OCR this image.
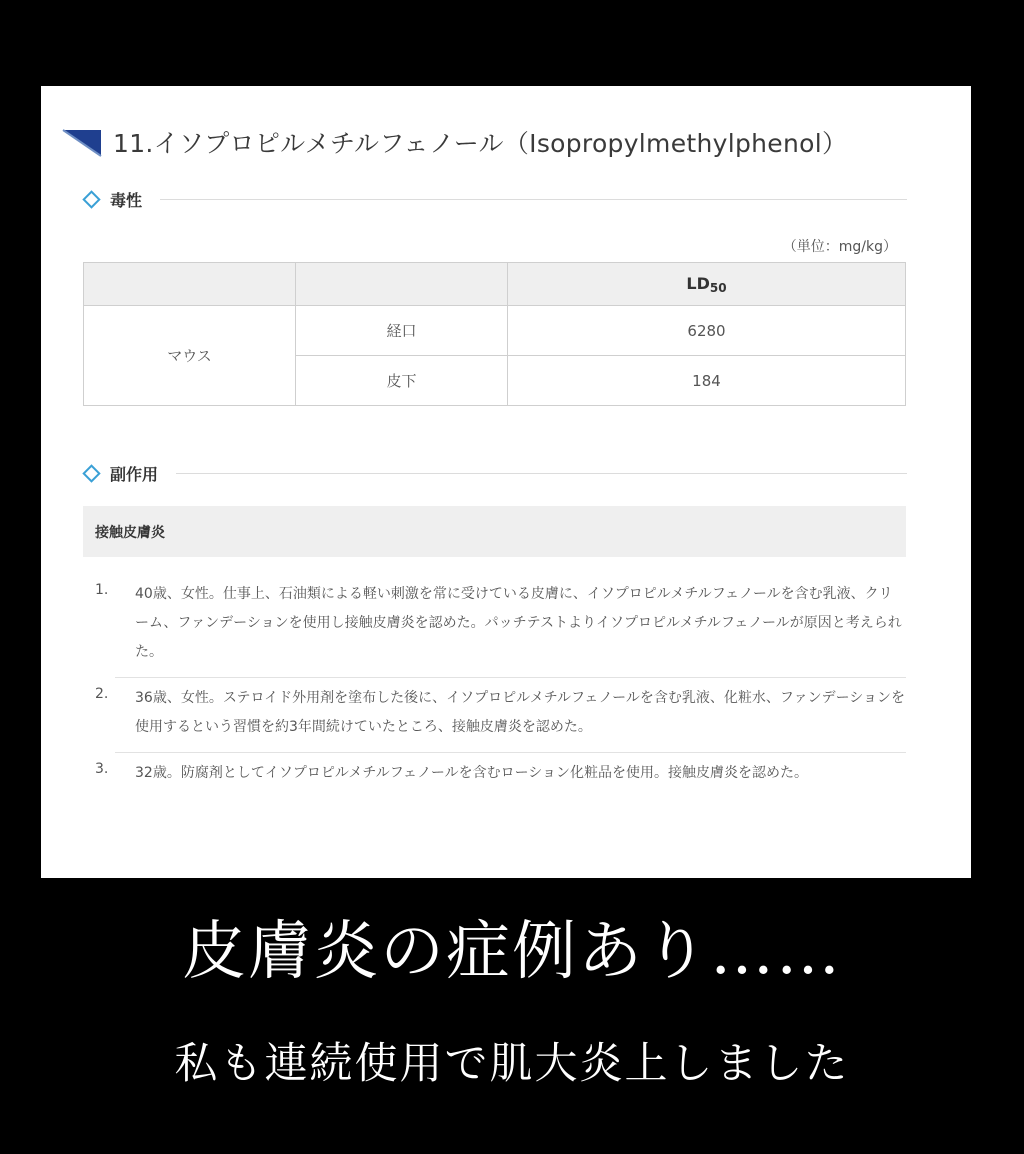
11.イソプロピルメチルフェノール（Isopropylmethylphenol）
毒性
（単位：mg/kg）
		$LD_{50}$
マウス	経口	6280
	皮下	184
副作用
接触皮膚炎
1. 40歳、女性。仕事上、石油類による軽い刺激を常に受けている皮膚に、イソプロピルメチルフェノールを含む乳液、クリーム、ファンデーションを使用し接触皮膚炎を認めた。パッチテストよりイソプロピルメチルフェノールが原因と考えられた。
2. 36歳、女性。ステロイド外用剤を塗布した後に、イソプロピルメチルフェノールを含む乳液、化粧水、ファンデーションを使用するという習慣を約3年間続けていたところ、接触皮膚炎を認めた。
3. 32歳。防腐剤としてイソプロピルメチルフェノールを含むローション化粧品を使用。接触皮膚炎を認めた。
皮膚炎の症例あり……
私も連続使用で肌大炎上しました
